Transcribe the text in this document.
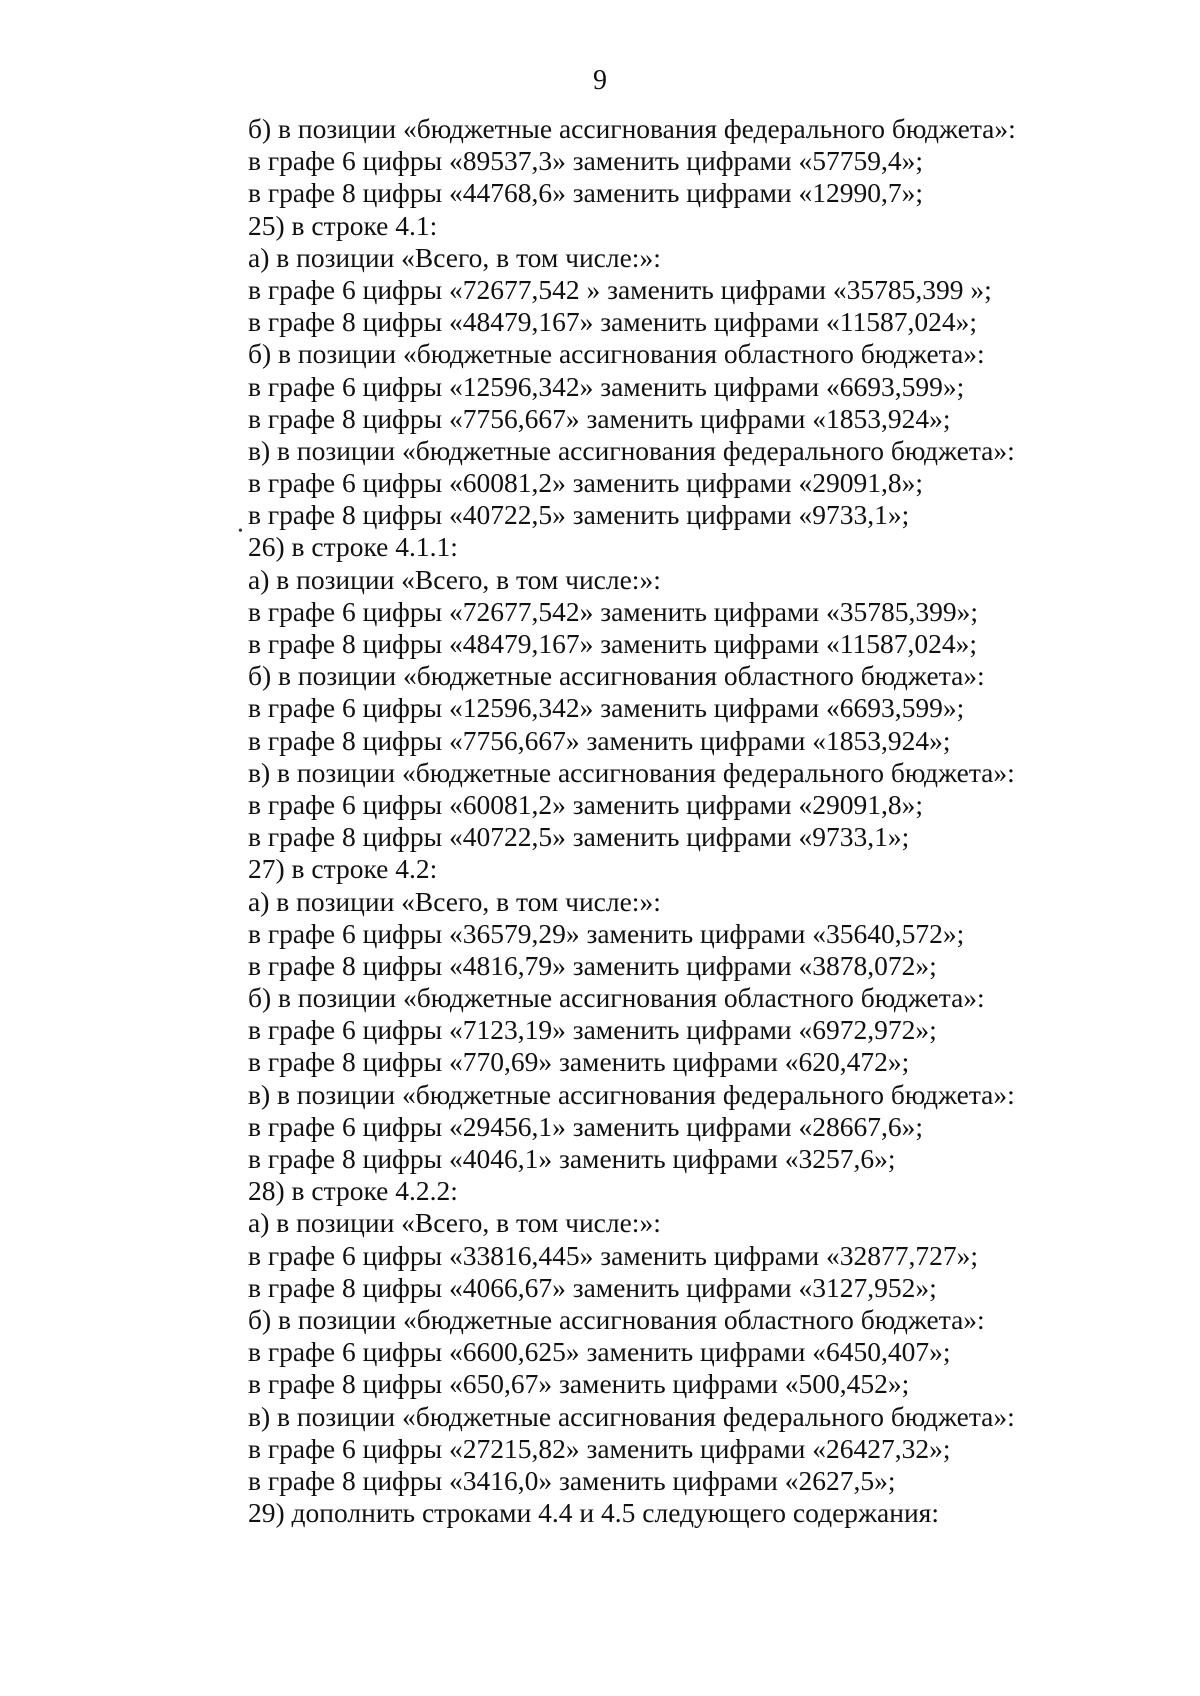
9
•
б) в позиции «бюджетные ассигнования федерального бюджета»:
в графе 6 цифры «89537,3» заменить цифрами «57759,4»;
в графе 8 цифры «44768,6» заменить цифрами «12990,7»;
25) в строке 4.1:
а) в позиции «Всего, в том числе:»:
в графе 6 цифры «72677,542 » заменить цифрами «35785,399 »;
в графе 8 цифры «48479,167» заменить цифрами «11587,024»;
б) в позиции «бюджетные ассигнования областного бюджета»:
в графе 6 цифры «12596,342» заменить цифрами «6693,599»;
в графе 8 цифры «7756,667» заменить цифрами «1853,924»;
в) в позиции «бюджетные ассигнования федерального бюджета»:
в графе 6 цифры «60081,2» заменить цифрами «29091,8»;
в графе 8 цифры «40722,5» заменить цифрами «9733,1»;
26) в строке 4.1.1:
а) в позиции «Всего, в том числе:»:
в графе 6 цифры «72677,542» заменить цифрами «35785,399»;
в графе 8 цифры «48479,167» заменить цифрами «11587,024»;
б) в позиции «бюджетные ассигнования областного бюджета»:
в графе 6 цифры «12596,342» заменить цифрами «6693,599»;
в графе 8 цифры «7756,667» заменить цифрами «1853,924»;
в) в позиции «бюджетные ассигнования федерального бюджета»:
в графе 6 цифры «60081,2» заменить цифрами «29091,8»;
в графе 8 цифры «40722,5» заменить цифрами «9733,1»;
27) в строке 4.2:
а) в позиции «Всего, в том числе:»:
в графе 6 цифры «36579,29» заменить цифрами «35640,572»;
в графе 8 цифры «4816,79» заменить цифрами «3878,072»;
б) в позиции «бюджетные ассигнования областного бюджета»:
в графе 6 цифры «7123,19» заменить цифрами «6972,972»;
в графе 8 цифры «770,69» заменить цифрами «620,472»;
в) в позиции «бюджетные ассигнования федерального бюджета»:
в графе 6 цифры «29456,1» заменить цифрами «28667,6»;
в графе 8 цифры «4046,1» заменить цифрами «3257,6»;
28) в строке 4.2.2:
а) в позиции «Всего, в том числе:»:
в графе 6 цифры «33816,445» заменить цифрами «32877,727»;
в графе 8 цифры «4066,67» заменить цифрами «3127,952»;
б) в позиции «бюджетные ассигнования областного бюджета»:
в графе 6 цифры «6600,625» заменить цифрами «6450,407»;
в графе 8 цифры «650,67» заменить цифрами «500,452»;
в) в позиции «бюджетные ассигнования федерального бюджета»:
в графе 6 цифры «27215,82» заменить цифрами «26427,32»;
в графе 8 цифры «3416,0» заменить цифрами «2627,5»;
29) дополнить строками 4.4 и 4.5 следующего содержания:
